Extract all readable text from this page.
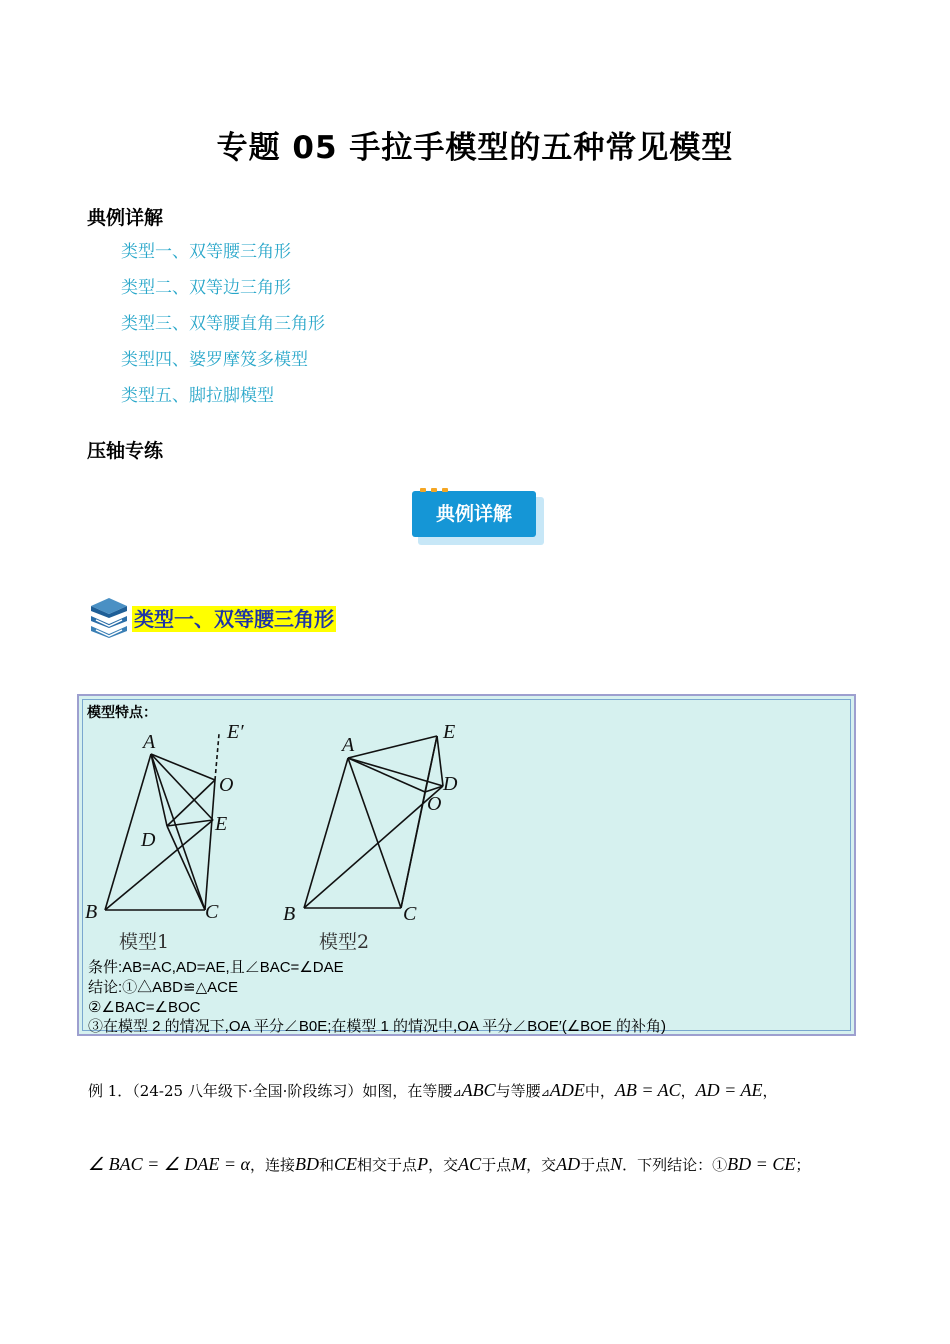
专题 05 手拉手模型的五种常见模型
典例详解
类型一、双等腰三角形
类型二、双等边三角形
类型三、双等腰直角三角形
类型四、婆罗摩笈多模型
类型五、脚拉脚模型
压轴专练
典例详解
类型一、双等腰三角形
模型特点：
A	E′
O
E
D
B	C
A
E
D
O
B	C
模型1	模型2
条件:AB=AC,AD=AE,且∠BAC=∠DAE
结论:①△ABD≌△ACE
②∠BAC=∠BOC
③在模型 2 的情况下,OA 平分∠B0E;在模型 1 的情况中,OA 平分∠BOE′(∠BOE 的补角)
例 1．（24-25 八年级下·全国·阶段练习）如图，在等腰⊿ABC与等腰⊿ADE中，AB = AC，AD = AE，
∠ BAC = ∠ DAE = α，连接BD和CE相交于点P，交AC于点M，交AD于点N．下列结论：①BD = CE；
